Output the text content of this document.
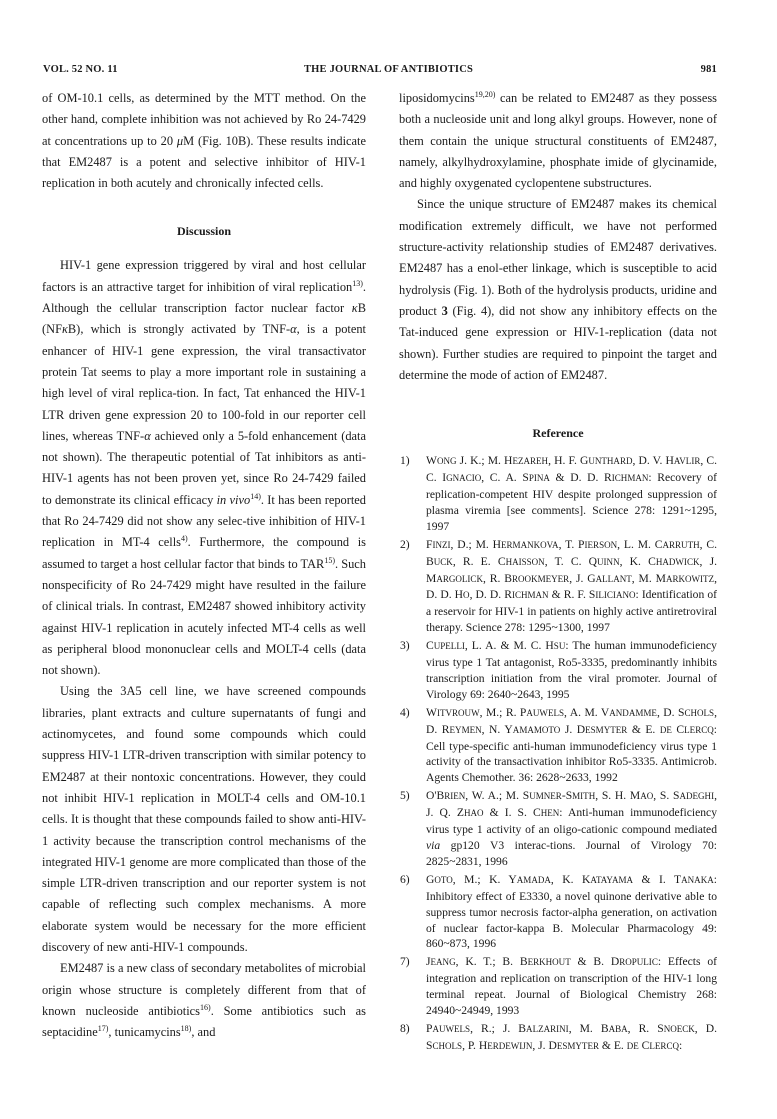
VOL. 52 NO. 11	THE JOURNAL OF ANTIBIOTICS	981

of OM-10.1 cells, as determined by the MTT method. On the other hand, complete inhibition was not achieved by Ro 24-7429 at concentrations up to 20 μM (Fig. 10B). These results indicate that EM2487 is a potent and selective inhibitor of HIV-1 replication in both acutely and chronically infected cells.

Discussion

HIV-1 gene expression triggered by viral and host cellular factors is an attractive target for inhibition of viral replication$^{13)}$. Although the cellular transcription factor nuclear factor κB (NFκB), which is strongly activated by TNF-α, is a potent enhancer of HIV-1 gene expression, the viral transactivator protein Tat seems to play a more important role in sustaining a high level of viral replica-tion. In fact, Tat enhanced the HIV-1 LTR driven gene expression 20 to 100-fold in our reporter cell lines, whereas TNF-α achieved only a 5-fold enhancement (data not shown). The therapeutic potential of Tat inhibitors as anti-HIV-1 agents has not been proven yet, since Ro 24-7429 failed to demonstrate its clinical efficacy in vivo$^{14)}$. It has been reported that Ro 24-7429 did not show any selec-tive inhibition of HIV-1 replication in MT-4 cells$^{4)}$. Furthermore, the compound is assumed to target a host cellular factor that binds to TAR$^{15)}$. Such nonspecificity of Ro 24-7429 might have resulted in the failure of clinical trials. In contrast, EM2487 showed inhibitory activity against HIV-1 replication in acutely infected MT-4 cells as well as peripheral blood mononuclear cells and MOLT-4 cells (data not shown).

Using the 3A5 cell line, we have screened compounds libraries, plant extracts and culture supernatants of fungi and actinomycetes, and found some compounds which could suppress HIV-1 LTR-driven transcription with similar potency to EM2487 at their nontoxic concentrations. However, they could not inhibit HIV-1 replication in MOLT-4 cells and OM-10.1 cells. It is thought that these compounds failed to show anti-HIV-1 activity because the transcription control mechanisms of the integrated HIV-1 genome are more complicated than those of the simple LTR-driven transcription and our reporter system is not capable of reflecting such complex mechanisms. A more elaborate system would be necessary for the more efficient discovery of new anti-HIV-1 compounds.

EM2487 is a new class of secondary metabolites of microbial origin whose structure is completely different from that of known nucleoside antibiotics$^{16)}$. Some antibiotics such as septacidine$^{17)}$, tunicamycins$^{18)}$, and

liposidomycins$^{19,20)}$ can be related to EM2487 as they possess both a nucleoside unit and long alkyl groups. However, none of them contain the unique structural constituents of EM2487, namely, alkylhydroxylamine, phosphate imide of glycinamide, and highly oxygenated cyclopentene substructures.

Since the unique structure of EM2487 makes its chemical modification extremely difficult, we have not performed structure-activity relationship studies of EM2487 derivatives. EM2487 has a enol-ether linkage, which is susceptible to acid hydrolysis (Fig. 1). Both of the hydrolysis products, uridine and product 3 (Fig. 4), did not show any inhibitory effects on the Tat-induced gene expression or HIV-1-replication (data not shown). Further studies are required to pinpoint the target and determine the mode of action of EM2487.

Reference
1)	WONG J. K.; M. HEZAREH, H. F. GUNTHARD, D. V. HAVLIR, C. C. IGNACIO, C. A. SPINA & D. D. RICHMAN: Recovery of replication-competent HIV despite prolonged suppression of plasma viremia [see comments]. Science 278: 1291~1295, 1997
2)	FINZI, D.; M. HERMANKOVA, T. PIERSON, L. M. CARRUTH, C. BUCK, R. E. CHAISSON, T. C. QUINN, K. CHADWICK, J. MARGOLICK, R. BROOKMEYER, J. GALLANT, M. MARKOWITZ, D. D. HO, D. D. RICHMAN & R. F. SILICIANO: Identification of a reservoir for HIV-1 in patients on highly active antiretroviral therapy. Science 278: 1295~1300, 1997
3)	CUPELLI, L. A. & M. C. HSU: The human immunodeficiency virus type 1 Tat antagonist, Ro5-3335, predominantly inhibits transcription initiation from the viral promoter. Journal of Virology 69: 2640~2643, 1995
4)	WITVROUW, M.; R. PAUWELS, A. M. VANDAMME, D. SCHOLS, D. REYMEN, N. YAMAMOTO J. DESMYTER & E. DE CLERCQ: Cell type-specific anti-human immunodeficiency virus type 1 activity of the transactivation inhibitor Ro5-3335. Antimicrob. Agents Chemother. 36: 2628~2633, 1992
5)	O'BRIEN, W. A.; M. SUMNER-SMITH, S. H. MAO, S. SADEGHI, J. Q. ZHAO & I. S. CHEN: Anti-human immunodeficiency virus type 1 activity of an oligo-cationic compound mediated via gp120 V3 interac-tions. Journal of Virology 70: 2825~2831, 1996
6)	GOTO, M.; K. YAMADA, K. KATAYAMA & I. TANAKA: Inhibitory effect of E3330, a novel quinone derivative able to suppress tumor necrosis factor-alpha generation, on activation of nuclear factor-kappa B. Molecular Pharmacology 49: 860~873, 1996
7)	JEANG, K. T.; B. BERKHOUT & B. DROPULIC: Effects of integration and replication on transcription of the HIV-1 long terminal repeat. Journal of Biological Chemistry 268: 24940~24949, 1993
8)	PAUWELS, R.; J. BALZARINI, M. BABA, R. SNOECK, D. SCHOLS, P. HERDEWIJN, J. DESMYTER & E. DE CLERCQ:
